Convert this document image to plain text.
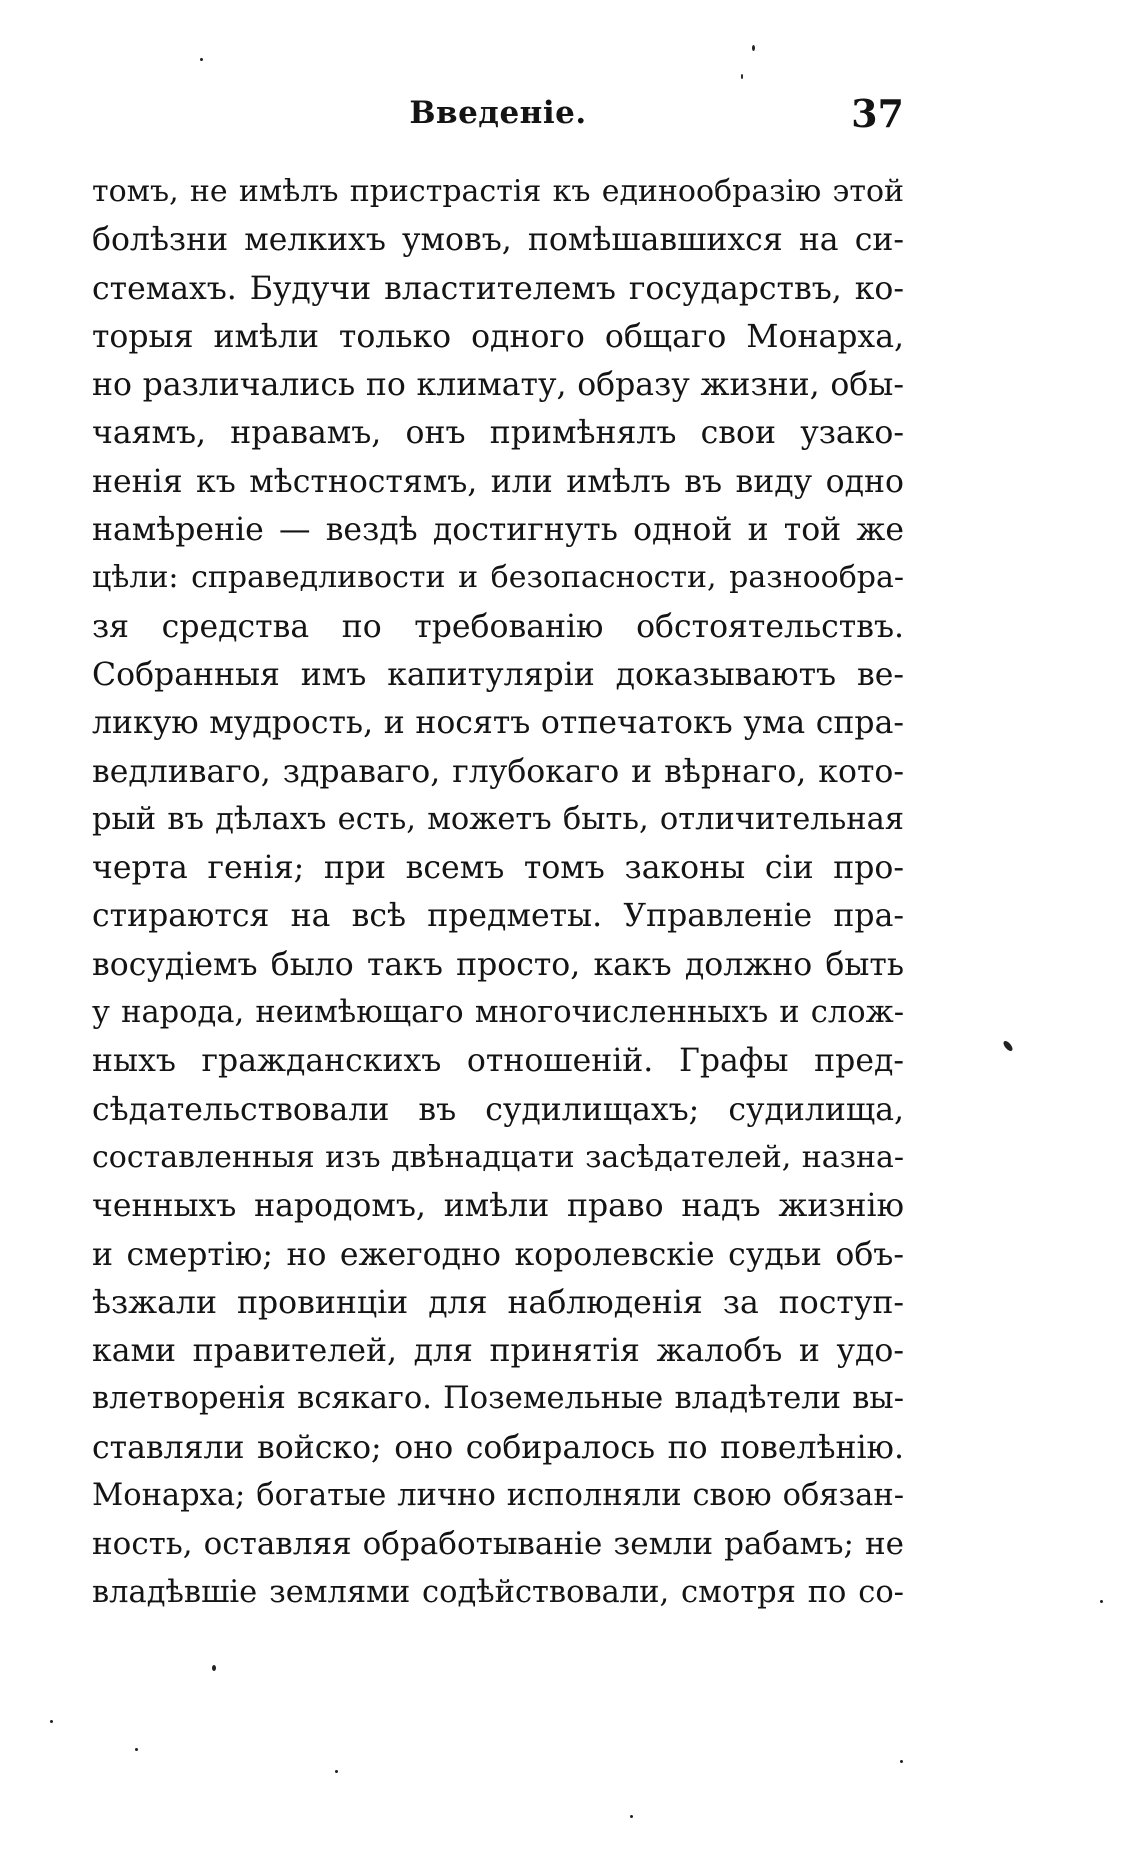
Введеніе.	37
томъ, не имѣлъ пристрастія къ единообразію этой
болѣзни мелкихъ умовъ, помѣшавшихся на си-
стемахъ. Будучи властителемъ государствъ, ко-
торыя имѣли только одного общаго Монарха,
но различались по климату, образу жизни, обы-
чаямъ, нравамъ, онъ примѣнялъ свои узако-
ненія къ мѣстностямъ, или имѣлъ въ виду одно
намѣреніе — вездѣ достигнуть одной и той же
цѣли: справедливости и безопасности, разнообра-
зя средства по требованію обстоятельствъ.
Собранныя имъ капитуляріи доказываютъ ве-
ликую мудрость, и носятъ отпечатокъ ума спра-
ведливаго, здраваго, глубокаго и вѣрнаго, кото-
рый въ дѣлахъ есть, можетъ быть, отличительная
черта генія; при всемъ томъ законы сіи про-
стираются на всѣ предметы. Управленіе пра-
восудіемъ было такъ просто, какъ должно быть
у народа, неимѣющаго многочисленныхъ и слож-
ныхъ гражданскихъ отношеній. Графы пред-
сѣдательствовали въ судилищахъ; судилища,
составленныя изъ двѣнадцати засѣдателей, назна-
ченныхъ народомъ, имѣли право надъ жизнію
и смертію; но ежегодно королевскіе судьи объ-
ѣзжали провинціи для наблюденія за поступ-
ками правителей, для принятія жалобъ и удо-
влетворенія всякаго. Поземельные владѣтели вы-
ставляли войско; оно собиралось по повелѣнію.
Монарха; богатые лично исполняли свою обязан-
ность, оставляя обработываніе земли рабамъ; не
владѣвшіе землями содѣйствовали, смотря по со-
